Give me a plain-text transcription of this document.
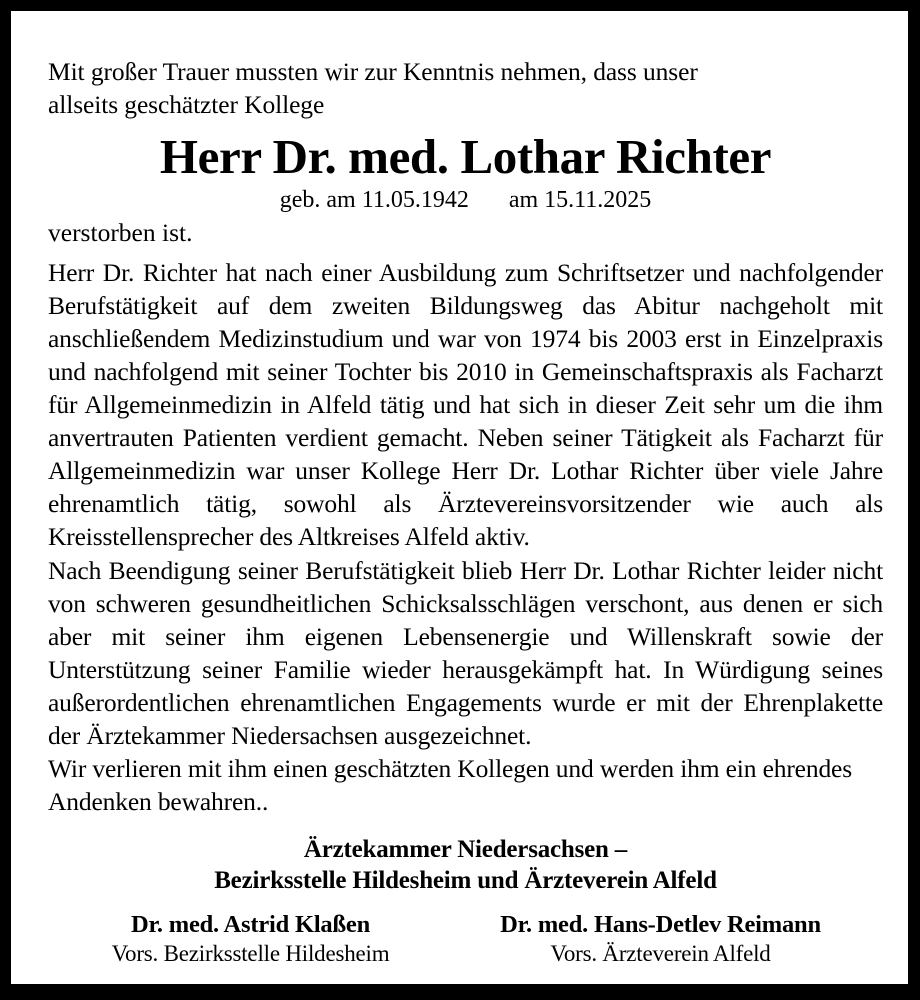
Mit großer Trauer mussten wir zur Kenntnis nehmen, dass unser
allseits geschätzter Kollege

Herr Dr. med. Lothar Richter
geb. am 11.05.1942 am 15.11.2025

verstorben ist.

Herr Dr. Richter hat nach einer Ausbildung zum Schriftsetzer und nachfolgender Berufstätigkeit auf dem zweiten Bildungsweg das Abitur nachgeholt mit anschließendem Medizinstudium und war von 1974 bis 2003 erst in Einzelpraxis und nachfolgend mit seiner Tochter bis 2010 in Gemeinschaftspraxis als Facharzt für Allgemeinmedizin in Alfeld tätig und hat sich in dieser Zeit sehr um die ihm anvertrauten Patienten verdient gemacht. Neben seiner Tätigkeit als Facharzt für Allgemeinmedizin war unser Kollege Herr Dr. Lothar Richter über viele Jahre ehrenamtlich tätig, sowohl als Ärztevereinsvorsitzender wie auch als Kreisstellensprecher des Altkreises Alfeld aktiv.

Nach Beendigung seiner Berufstätigkeit blieb Herr Dr. Lothar Richter leider nicht von schweren gesundheitlichen Schicksalsschlägen verschont, aus denen er sich aber mit seiner ihm eigenen Lebensenergie und Willenskraft sowie der Unterstützung seiner Familie wieder herausgekämpft hat. In Würdigung seines außerordentlichen ehrenamtlichen Engagements wurde er mit der Ehrenplakette der Ärztekammer Niedersachsen ausgezeichnet.

Wir verlieren mit ihm einen geschätzten Kollegen und werden ihm ein ehrendes Andenken bewahren..

Ärztekammer Niedersachsen –
Bezirksstelle Hildesheim und Ärzteverein Alfeld
Dr. med. Astrid Klaßen
Vors. Bezirksstelle Hildesheim
Dr. med. Hans-Detlev Reimann
Vors. Ärzteverein Alfeld
